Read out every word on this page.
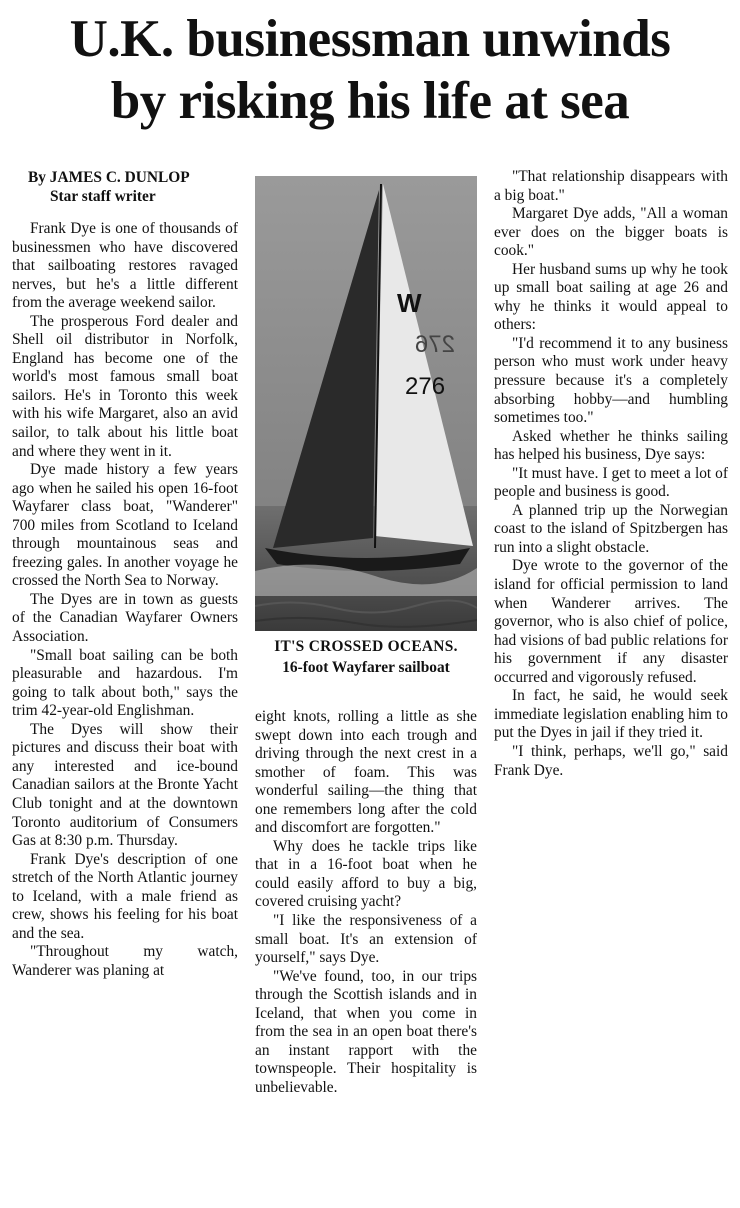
U.K. businessman unwinds
by risking his life at sea
By JAMES C. DUNLOP
Star staff writer

Frank Dye is one of thousands of businessmen who have discovered that sailboating restores ravaged nerves, but he's a little different from the average weekend sailor.

The prosperous Ford dealer and Shell oil distributor in Norfolk, England has become one of the world's most famous small boat sailors. He's in Toronto this week with his wife Margaret, also an avid sailor, to talk about his little boat and where they went in it.

Dye made history a few years ago when he sailed his open 16-foot Wayfarer class boat, "Wanderer" 700 miles from Scotland to Iceland through mountainous seas and freezing gales. In another voyage he crossed the North Sea to Norway.

The Dyes are in town as guests of the Canadian Wayfarer Owners Association.

"Small boat sailing can be both pleasurable and hazardous. I'm going to talk about both," says the trim 42-year-old Englishman.

The Dyes will show their pictures and discuss their boat with any interested and ice-bound Canadian sailors at the Bronte Yacht Club tonight and at the downtown Toronto auditorium of Consumers Gas at 8:30 p.m. Thursday.

Frank Dye's description of one stretch of the North Atlantic journey to Iceland, with a male friend as crew, shows his feeling for his boat and the sea.

"Throughout my watch, Wanderer was planing at

W
276
276
IT'S CROSSED OCEANS.
16-foot Wayfarer sailboat

eight knots, rolling a little as she swept down into each trough and driving through the next crest in a smother of foam. This was wonderful sailing—the thing that one remembers long after the cold and discomfort are forgotten."

Why does he tackle trips like that in a 16-foot boat when he could easily afford to buy a big, covered cruising yacht?

"I like the responsiveness of a small boat. It's an extension of yourself," says Dye.

"We've found, too, in our trips through the Scottish islands and in Iceland, that when you come in from the sea in an open boat there's an instant rapport with the townspeople. Their hospitality is unbelievable.

"That relationship disappears with a big boat."

Margaret Dye adds, "All a woman ever does on the bigger boats is cook."

Her husband sums up why he took up small boat sailing at age 26 and why he thinks it would appeal to others:

"I'd recommend it to any business person who must work under heavy pressure because it's a completely absorbing hobby—and humbling sometimes too."

Asked whether he thinks sailing has helped his business, Dye says:

"It must have. I get to meet a lot of people and business is good.

A planned trip up the Norwegian coast to the island of Spitzbergen has run into a slight obstacle.

Dye wrote to the governor of the island for official permission to land when Wanderer arrives. The governor, who is also chief of police, had visions of bad public relations for his government if any disaster occurred and vigorously refused.

In fact, he said, he would seek immediate legislation enabling him to put the Dyes in jail if they tried it.

"I think, perhaps, we'll go," said Frank Dye.
